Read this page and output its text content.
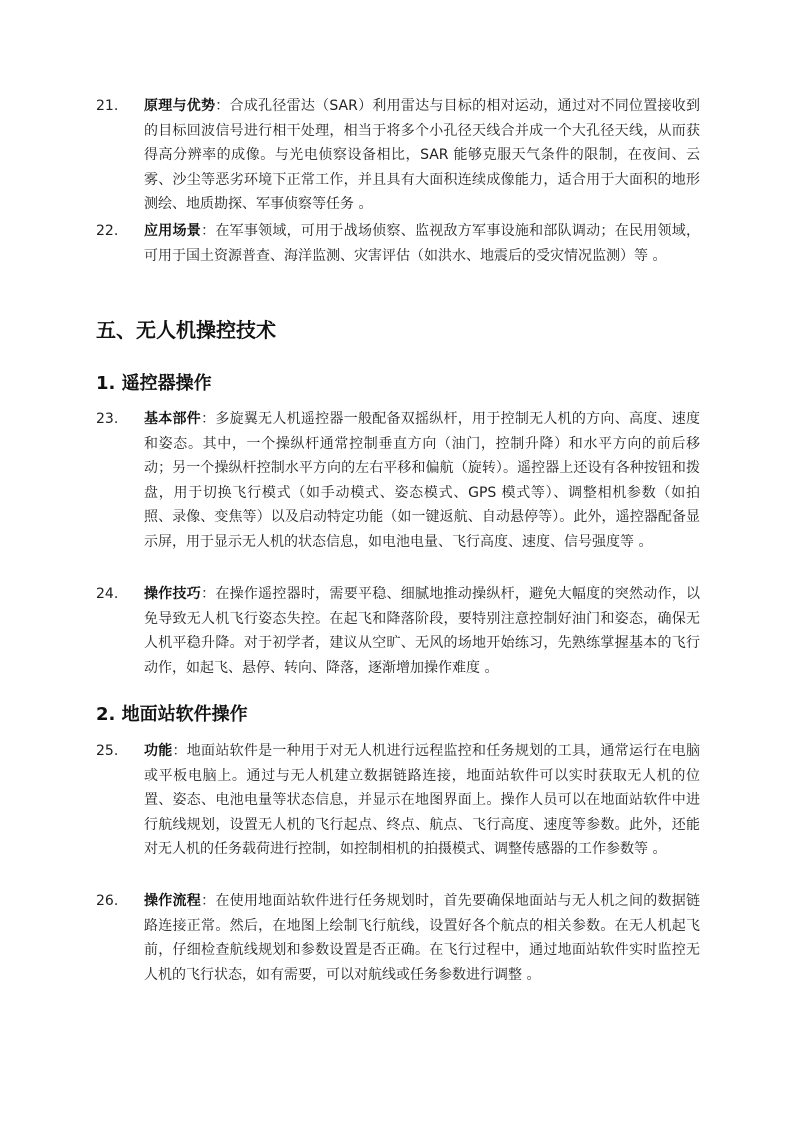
21. 原理与优势：合成孔径雷达（SAR）利用雷达与目标的相对运动，通过对不同位置接收到的目标回波信号进行相干处理，相当于将多个小孔径天线合并成一个大孔径天线，从而获得高分辨率的成像。与光电侦察设备相比，SAR 能够克服天气条件的限制，在夜间、云雾、沙尘等恶劣环境下正常工作，并且具有大面积连续成像能力，适合用于大面积的地形测绘、地质勘探、军事侦察等任务 。
22. 应用场景：在军事领域，可用于战场侦察、监视敌方军事设施和部队调动；在民用领域，可用于国土资源普查、海洋监测、灾害评估（如洪水、地震后的受灾情况监测）等 。
五、无人机操控技术
1. 遥控器操作
23. 基本部件：多旋翼无人机遥控器一般配备双摇纵杆，用于控制无人机的方向、高度、速度和姿态。其中，一个操纵杆通常控制垂直方向（油门，控制升降）和水平方向的前后移动；另一个操纵杆控制水平方向的左右平移和偏航（旋转）。遥控器上还设有各种按钮和拨盘，用于切换飞行模式（如手动模式、姿态模式、GPS 模式等）、调整相机参数（如拍照、录像、变焦等）以及启动特定功能（如一键返航、自动悬停等）。此外，遥控器配备显示屏，用于显示无人机的状态信息，如电池电量、飞行高度、速度、信号强度等 。
24. 操作技巧：在操作遥控器时，需要平稳、细腻地推动操纵杆，避免大幅度的突然动作，以免导致无人机飞行姿态失控。在起飞和降落阶段，要特别注意控制好油门和姿态，确保无人机平稳升降。对于初学者，建议从空旷、无风的场地开始练习，先熟练掌握基本的飞行动作，如起飞、悬停、转向、降落，逐渐增加操作难度 。
2. 地面站软件操作
25. 功能：地面站软件是一种用于对无人机进行远程监控和任务规划的工具，通常运行在电脑或平板电脑上。通过与无人机建立数据链路连接，地面站软件可以实时获取无人机的位置、姿态、电池电量等状态信息，并显示在地图界面上。操作人员可以在地面站软件中进行航线规划，设置无人机的飞行起点、终点、航点、飞行高度、速度等参数。此外，还能对无人机的任务载荷进行控制，如控制相机的拍摄模式、调整传感器的工作参数等 。
26. 操作流程：在使用地面站软件进行任务规划时，首先要确保地面站与无人机之间的数据链路连接正常。然后，在地图上绘制飞行航线，设置好各个航点的相关参数。在无人机起飞前，仔细检查航线规划和参数设置是否正确。在飞行过程中，通过地面站软件实时监控无人机的飞行状态，如有需要，可以对航线或任务参数进行调整 。
